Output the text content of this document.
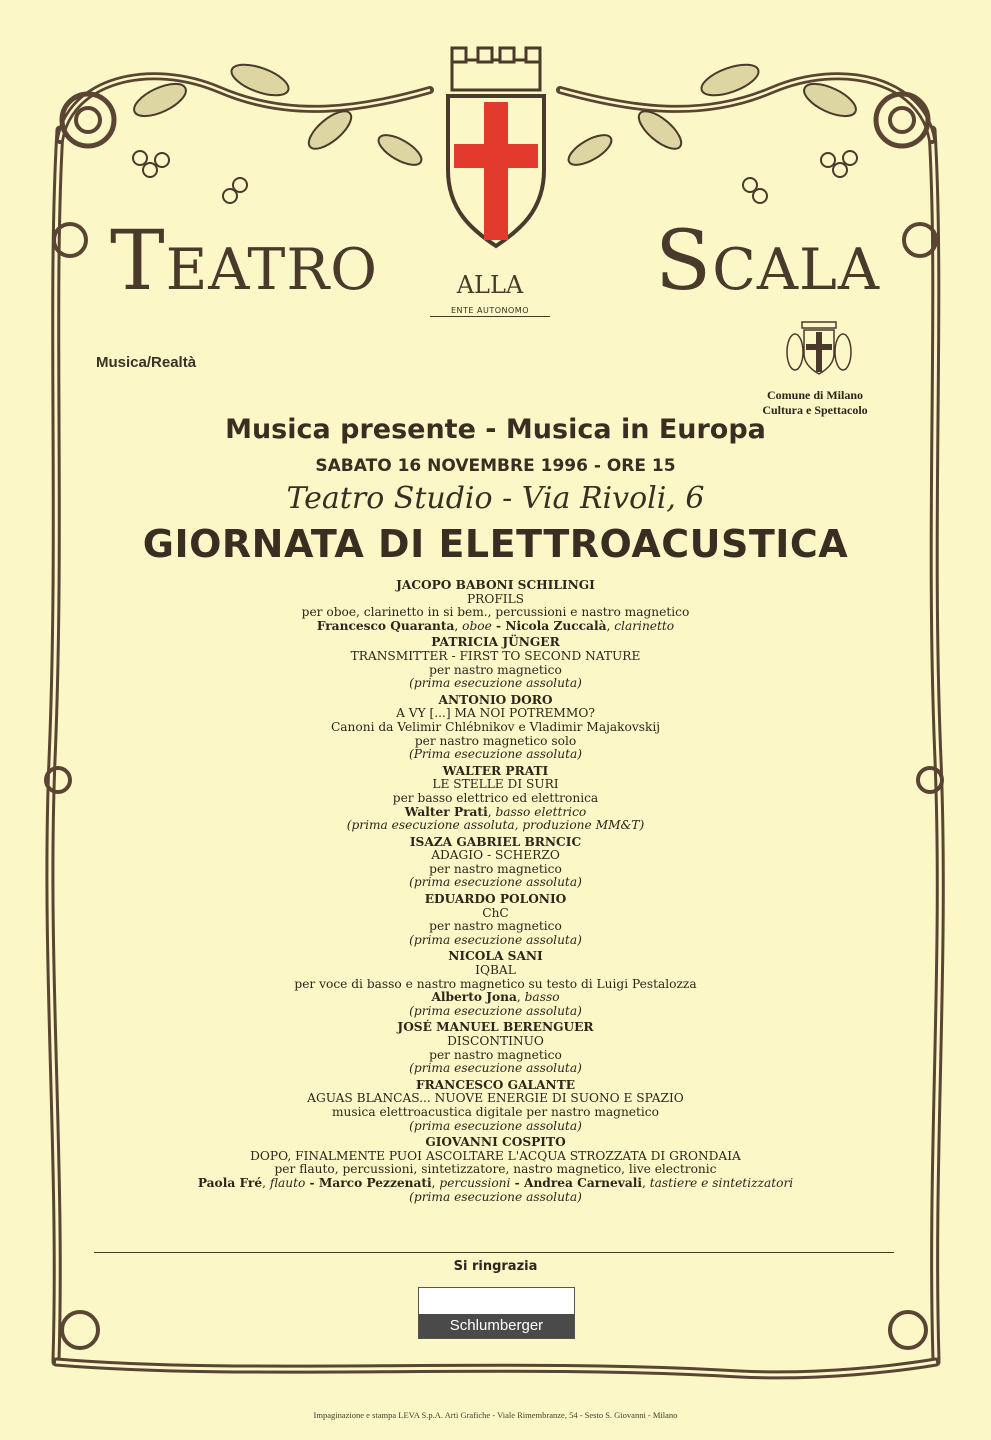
Teatro	alla
ENTE AUTONOMO
Scala
Musica/Realtà
Comune di Milano
Cultura e Spettacolo
Musica presente - Musica in Europa
SABATO 16 NOVEMBRE 1996 - ORE 15
Teatro Studio - Via Rivoli, 6
GIORNATA DI ELETTROACUSTICA
JACOPO BABONI SCHILINGI
PROFILS
per oboe, clarinetto in si bem., percussioni e nastro magnetico
Francesco Quaranta, oboe - Nicola Zuccalà, clarinetto
PATRICIA JÜNGER
TRANSMITTER - FIRST TO SECOND NATURE
per nastro magnetico
(prima esecuzione assoluta)
ANTONIO DORO
A VY [...] MA NOI POTREMMO?
Canoni da Velimir Chlébnikov e Vladimir Majakovskij
per nastro magnetico solo
(Prima esecuzione assoluta)
WALTER PRATI
LE STELLE DI SURI
per basso elettrico ed elettronica
Walter Prati, basso elettrico
(prima esecuzione assoluta, produzione MM&T)
ISAZA GABRIEL BRNCIC
ADAGIO - SCHERZO
per nastro magnetico
(prima esecuzione assoluta)
EDUARDO POLONIO
ChC
per nastro magnetico
(prima esecuzione assoluta)
NICOLA SANI
IQBAL
per voce di basso e nastro magnetico su testo di Luigi Pestalozza
Alberto Jona, basso
(prima esecuzione assoluta)
JOSÉ MANUEL BERENGUER
DISCONTINUO
per nastro magnetico
(prima esecuzione assoluta)
FRANCESCO GALANTE
AGUAS BLANCAS... NUOVE ENERGIE DI SUONO E SPAZIO
musica elettroacustica digitale per nastro magnetico
(prima esecuzione assoluta)
GIOVANNI COSPITO
DOPO, FINALMENTE PUOI ASCOLTARE L'ACQUA STROZZATA DI GRONDAIA
per flauto, percussioni, sintetizzatore, nastro magnetico, live electronic
Paola Fré, flauto - Marco Pezzenati, percussioni - Andrea Carnevali, tastiere e sintetizzatori
(prima esecuzione assoluta)
Si ringrazia
Schlumberger
Impaginazione e stampa LEVA S.p.A. Arti Grafiche - Viale Rimembranze, 54 - Sesto S. Giovanni - Milano
